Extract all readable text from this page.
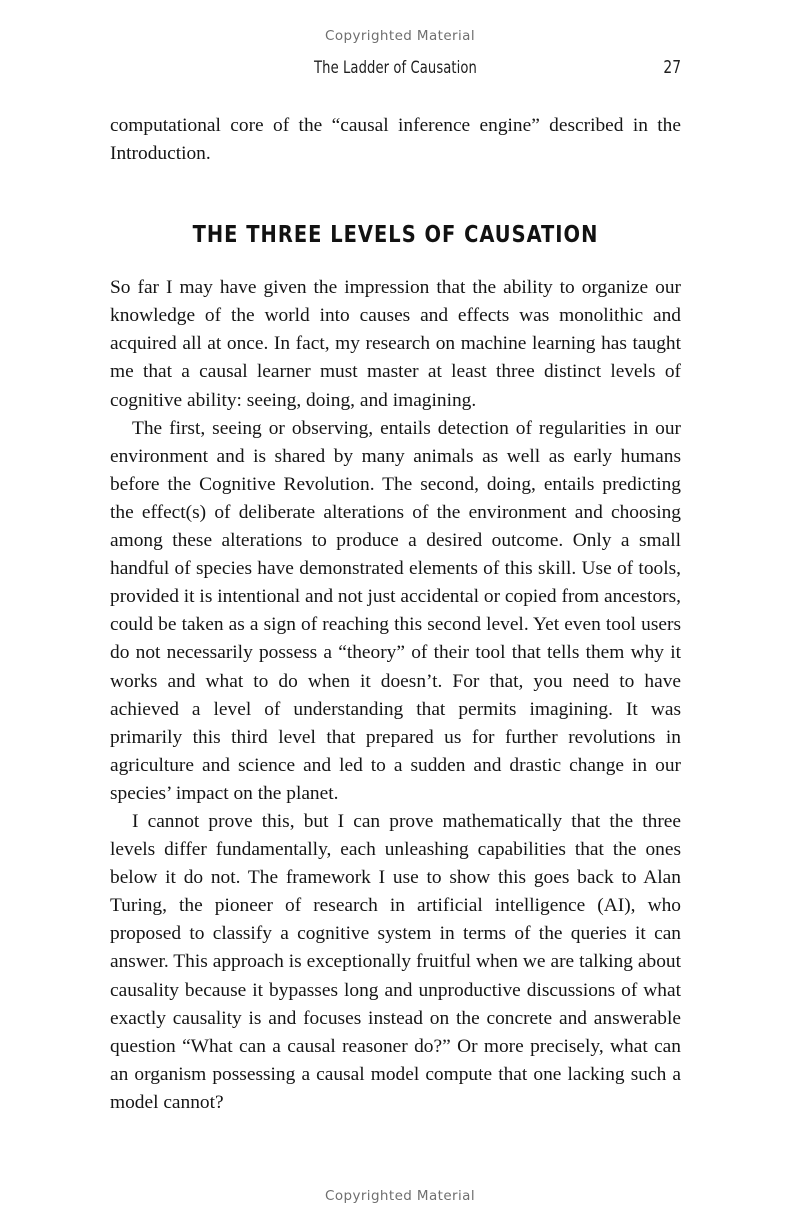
Copyrighted Material
The Ladder of Causation	27

computational core of the “causal inference engine” described in the Introduction.

THE THREE LEVELS OF CAUSATION

So far I may have given the impression that the ability to organize our knowledge of the world into causes and effects was monolithic and acquired all at once. In fact, my research on machine learning has taught me that a causal learner must master at least three distinct levels of cognitive ability: seeing, doing, and imagining.

The first, seeing or observing, entails detection of regularities in our environment and is shared by many animals as well as early humans before the Cognitive Revolution. The second, doing, entails predicting the effect(s) of deliberate alterations of the environment and choosing among these alterations to produce a desired outcome. Only a small handful of species have demonstrated elements of this skill. Use of tools, provided it is intentional and not just accidental or copied from ancestors, could be taken as a sign of reaching this second level. Yet even tool users do not necessarily possess a “theory” of their tool that tells them why it works and what to do when it doesn’t. For that, you need to have achieved a level of understanding that permits imagining. It was primarily this third level that prepared us for further revolutions in agriculture and science and led to a sudden and drastic change in our species’ impact on the planet.

I cannot prove this, but I can prove mathematically that the three levels differ fundamentally, each unleashing capabilities that the ones below it do not. The framework I use to show this goes back to Alan Turing, the pioneer of research in artificial intelligence (AI), who proposed to classify a cognitive system in terms of the queries it can answer. This approach is exceptionally fruitful when we are talking about causality because it bypasses long and unproductive discussions of what exactly causality is and focuses instead on the concrete and answerable question “What can a causal reasoner do?” Or more precisely, what can an organism possessing a causal model compute that one lacking such a model cannot?

Copyrighted Material
